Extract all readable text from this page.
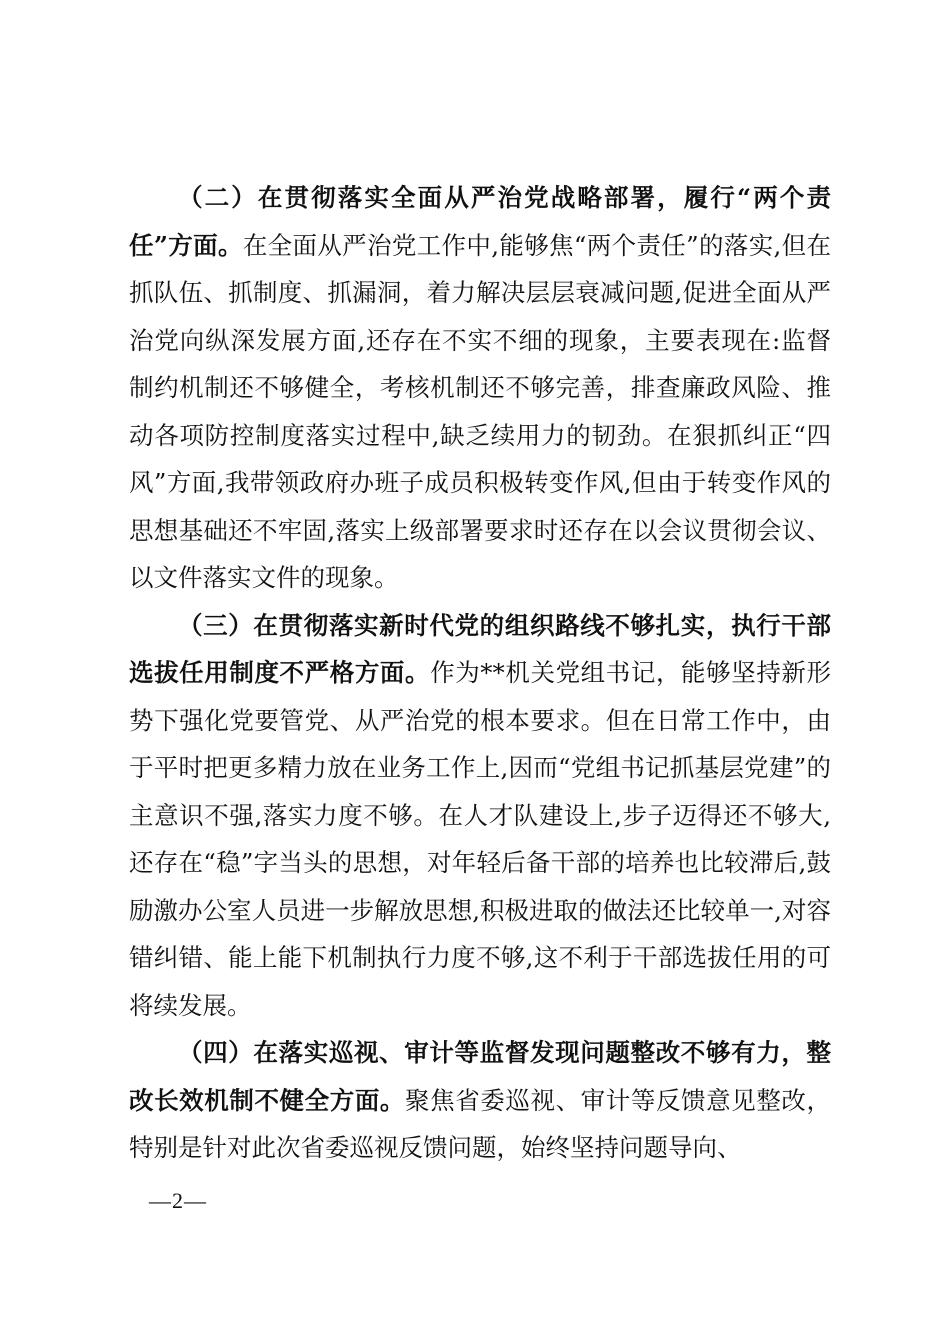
（二）在贯彻落实全面从严治党战略部署，履行“两个责任”方面。在全面从严治党工作中,能够焦“两个责任”的落实,但在抓队伍、抓制度、抓漏洞，着力解决层层衰减问题,促进全面从严治党向纵深发展方面,还存在不实不细的现象，主要表现在:监督制约机制还不够健全，考核机制还不够完善，排查廉政风险、推动各项防控制度落实过程中,缺乏续用力的韧劲。在狠抓纠正“四风”方面,我带领政府办班子成员积极转变作风,但由于转变作风的思想基础还不牢固,落实上级部署要求时还存在以会议贯彻会议、以文件落实文件的现象。

（三）在贯彻落实新时代党的组织路线不够扎实，执行干部选拔任用制度不严格方面。作为**机关党组书记，能够坚持新形势下强化党要管党、从严治党的根本要求。但在日常工作中，由于平时把更多精力放在业务工作上,因而“党组书记抓基层党建”的主意识不强,落实力度不够。在人才队建设上,步子迈得还不够大,还存在“稳”字当头的思想，对年轻后备干部的培养也比较滞后,鼓励激办公室人员进一步解放思想,积极进取的做法还比较单一,对容错纠错、能上能下机制执行力度不够,这不利于干部选拔任用的可将续发展。

（四）在落实巡视、审计等监督发现问题整改不够有力，整改长效机制不健全方面。聚焦省委巡视、审计等反馈意见整改，特别是针对此次省委巡视反馈问题，始终坚持问题导向、

—2—
